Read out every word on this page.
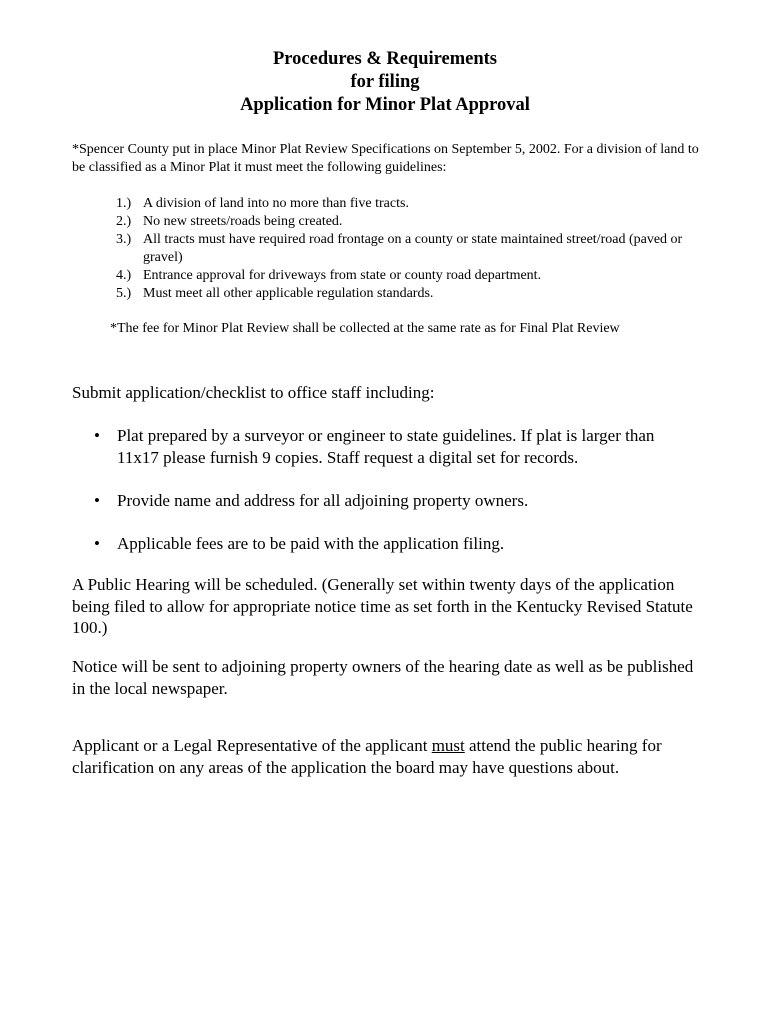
Procedures & Requirements
for filing
Application for Minor Plat Approval

*Spencer County put in place Minor Plat Review Specifications on September 5, 2002. For a division of land to be classified as a Minor Plat it must meet the following guidelines:

1.) A division of land into no more than five tracts.
2.) No new streets/roads being created.
3.) All tracts must have required road frontage on a county or state maintained street/road (paved or gravel)
4.) Entrance approval for driveways from state or county road department.
5.) Must meet all other applicable regulation standards.

*The fee for Minor Plat Review shall be collected at the same rate as for Final Plat Review

Submit application/checklist to office staff including:

• Plat prepared by a surveyor or engineer to state guidelines. If plat is larger than 11x17 please furnish 9 copies. Staff request a digital set for records.
• Provide name and address for all adjoining property owners.
• Applicable fees are to be paid with the application filing.

A Public Hearing will be scheduled. (Generally set within twenty days of the application being filed to allow for appropriate notice time as set forth in the Kentucky Revised Statute 100.)

Notice will be sent to adjoining property owners of the hearing date as well as be published in the local newspaper.

Applicant or a Legal Representative of the applicant must attend the public hearing for clarification on any areas of the application the board may have questions about.
